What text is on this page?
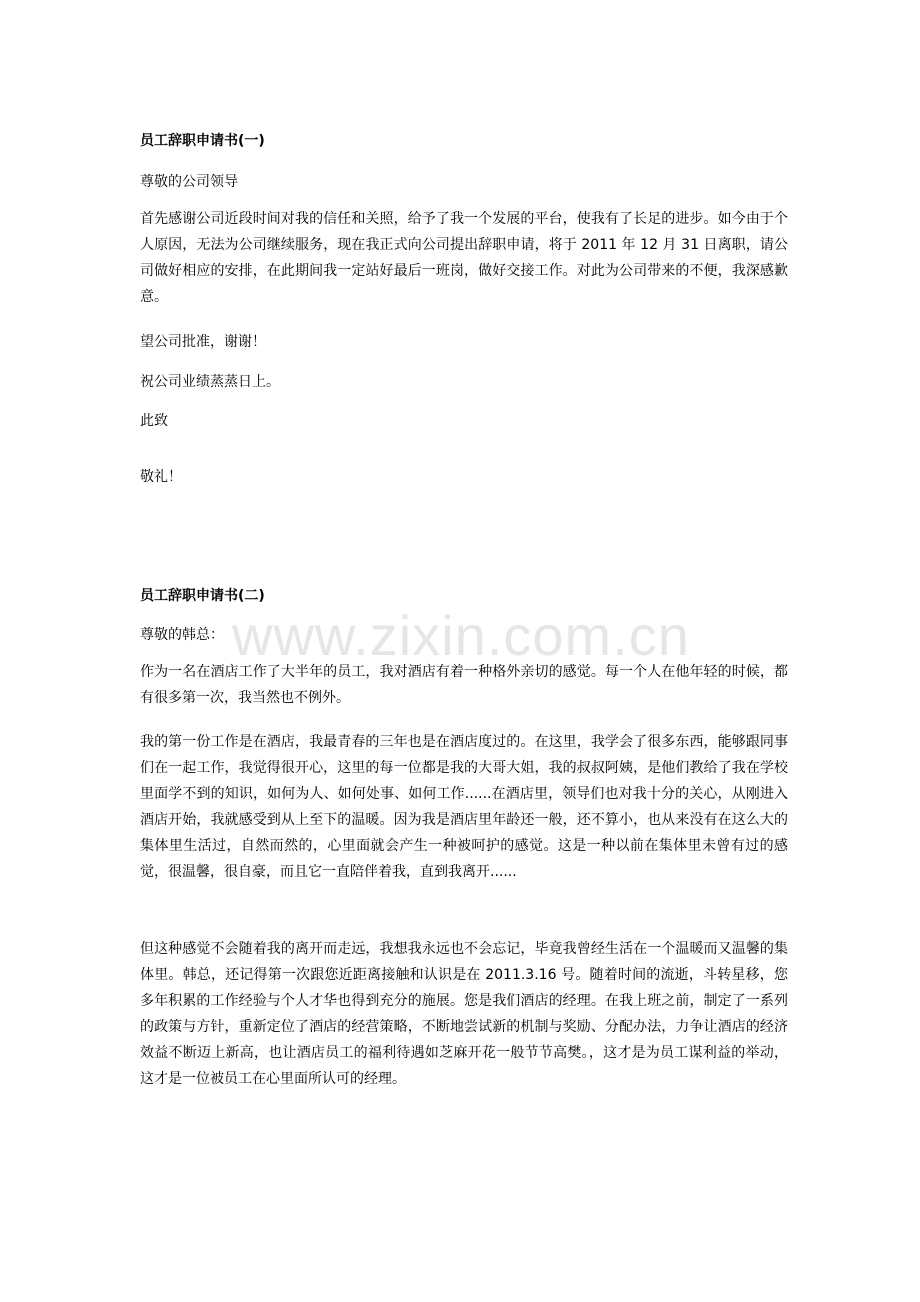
www.zixin.com.cn
员工辞职申请书(一)
尊敬的公司领导
首先感谢公司近段时间对我的信任和关照，给予了我一个发展的平台，使我有了长足的进步。如今由于个人原因，无法为公司继续服务，现在我正式向公司提出辞职申请，将于 2011 年 12 月 31 日离职，请公司做好相应的安排，在此期间我一定站好最后一班岗，做好交接工作。对此为公司带来的不便，我深感歉意。
望公司批准，谢谢！
祝公司业绩蒸蒸日上。
此致
敬礼！
员工辞职申请书(二)
尊敬的韩总：
作为一名在酒店工作了大半年的员工，我对酒店有着一种格外亲切的感觉。每一个人在他年轻的时候，都有很多第一次，我当然也不例外。
我的第一份工作是在酒店，我最青春的三年也是在酒店度过的。在这里，我学会了很多东西，能够跟同事们在一起工作，我觉得很开心，这里的每一位都是我的大哥大姐，我的叔叔阿姨，是他们教给了我在学校里面学不到的知识，如何为人、如何处事、如何工作......在酒店里，领导们也对我十分的关心，从刚进入酒店开始，我就感受到从上至下的温暖。因为我是酒店里年龄还一般，还不算小，也从来没有在这么大的集体里生活过，自然而然的，心里面就会产生一种被呵护的感觉。这是一种以前在集体里未曾有过的感觉，很温馨，很自豪，而且它一直陪伴着我，直到我离开......
但这种感觉不会随着我的离开而走远，我想我永远也不会忘记，毕竟我曾经生活在一个温暖而又温馨的集体里。韩总，还记得第一次跟您近距离接触和认识是在 2011.3.16 号。随着时间的流逝，斗转星移，您多年积累的工作经验与个人才华也得到充分的施展。您是我们酒店的经理。在我上班之前，制定了一系列的政策与方针，重新定位了酒店的经营策略，不断地尝试新的机制与奖励、分配办法，力争让酒店的经济效益不断迈上新高，也让酒店员工的福利待遇如芝麻开花一般节节高樊。，这才是为员工谋利益的举动，这才是一位被员工在心里面所认可的经理。
